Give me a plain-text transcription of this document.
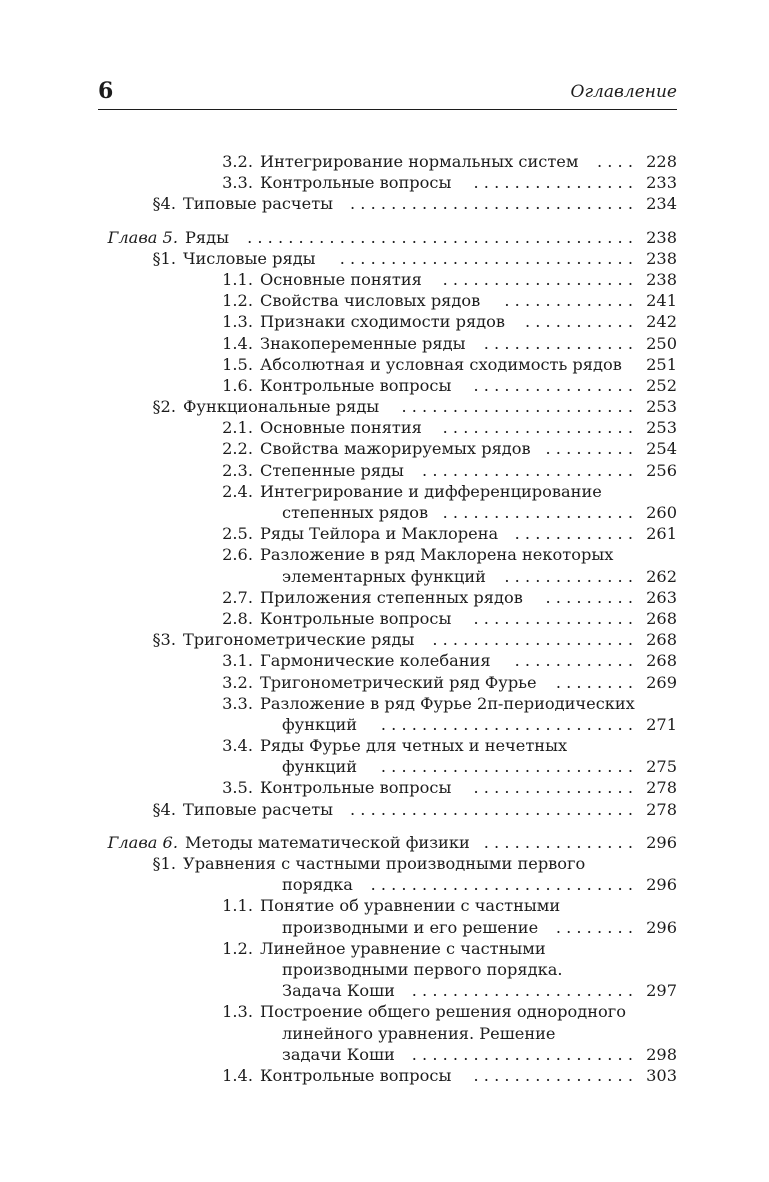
6	Оглавление
3.2. Интегрирование нормальных систем . . . . 228
3.3. Контрольные вопросы . . . . . . . . . . . . . . . . 233
§4. Типовые расчеты . . . . . . . . . . . . . . . . . . . . . . . . . . . . 234
Глава 5. Ряды . . . . . . . . . . . . . . . . . . . . . . . . . . . . . . . . . . . . . . 238
§1. Числовые ряды . . . . . . . . . . . . . . . . . . . . . . . . . . . . . 238
1.1. Основные понятия . . . . . . . . . . . . . . . . . . . 238
1.2. Свойства числовых рядов . . . . . . . . . . . . . 241
1.3. Признаки сходимости рядов . . . . . . . . . . . 242
1.4. Знакопеременные ряды . . . . . . . . . . . . . . . 250
1.5. Абсолютная и условная сходимость рядов 251
1.6. Контрольные вопросы . . . . . . . . . . . . . . . . 252
§2. Функциональные ряды . . . . . . . . . . . . . . . . . . . . . . . 253
2.1. Основные понятия . . . . . . . . . . . . . . . . . . . 253
2.2. Свойства мажорируемых рядов . . . . . . . . . 254
2.3. Степенные ряды . . . . . . . . . . . . . . . . . . . . . 256
2.4. Интегрирование и дифференцирование
степенных рядов . . . . . . . . . . . . . . . . . . . 260
2.5. Ряды Тейлора и Маклорена . . . . . . . . . . . . 261
2.6. Разложение в ряд Маклорена некоторых
элементарных функций . . . . . . . . . . . . . 262
2.7. Приложения степенных рядов . . . . . . . . . 263
2.8. Контрольные вопросы . . . . . . . . . . . . . . . . 268
§3. Тригонометрические ряды . . . . . . . . . . . . . . . . . . . . 268
3.1. Гармонические колебания . . . . . . . . . . . . 268
3.2. Тригонометрический ряд Фурье . . . . . . . . 269
3.3. Разложение в ряд Фурье 2π-периодических
функций . . . . . . . . . . . . . . . . . . . . . . . . . 271
3.4. Ряды Фурье для четных и нечетных
функций . . . . . . . . . . . . . . . . . . . . . . . . . 275
3.5. Контрольные вопросы . . . . . . . . . . . . . . . . 278
§4. Типовые расчеты . . . . . . . . . . . . . . . . . . . . . . . . . . . . 278
Глава 6. Методы математической физики . . . . . . . . . . . . . . . 296
§1. Уравнения с частными производными первого
порядка . . . . . . . . . . . . . . . . . . . . . . . . . . 296
1.1. Понятие об уравнении с частными
производными и его решение . . . . . . . . 296
1.2. Линейное уравнение с частными
производными первого порядка.
Задача Коши . . . . . . . . . . . . . . . . . . . . . . 297
1.3. Построение общего решения однородного
линейного уравнения. Решение
задачи Коши . . . . . . . . . . . . . . . . . . . . . . 298
1.4. Контрольные вопросы . . . . . . . . . . . . . . . . 303
